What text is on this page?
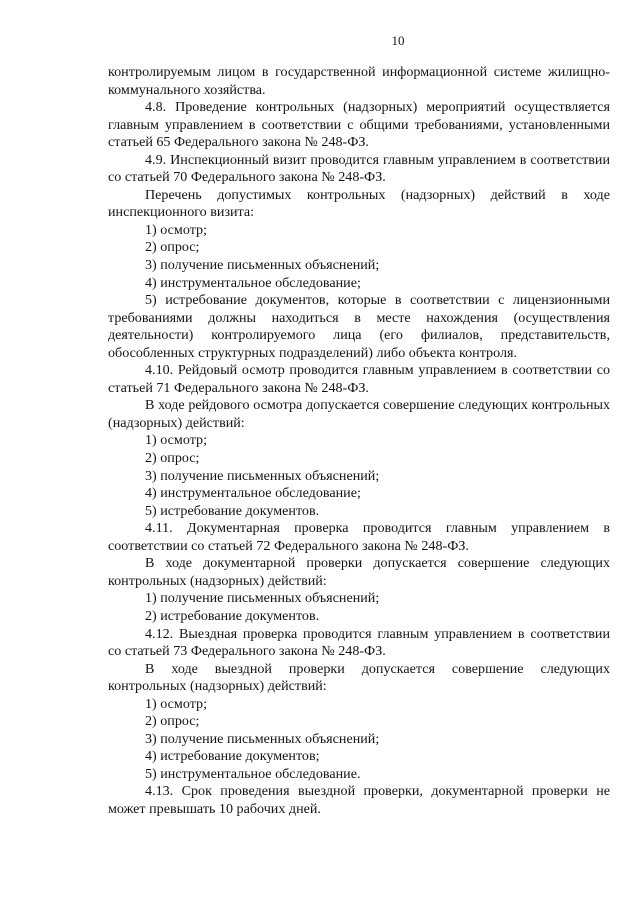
10

контролируемым лицом в государственной информационной системе жилищно-коммунального хозяйства.

4.8. Проведение контрольных (надзорных) мероприятий осуществляется главным управлением в соответствии с общими требованиями, установленными статьей 65 Федерального закона № 248-ФЗ.

4.9. Инспекционный визит проводится главным управлением в соответствии со статьей 70 Федерального закона № 248-ФЗ.

Перечень допустимых контрольных (надзорных) действий в ходе инспекционного визита:

1) осмотр;

2) опрос;

3) получение письменных объяснений;

4) инструментальное обследование;

5) истребование документов, которые в соответствии с лицензионными требованиями должны находиться в месте нахождения (осуществления деятельности) контролируемого лица (его филиалов, представительств, обособленных структурных подразделений) либо объекта контроля.

4.10. Рейдовый осмотр проводится главным управлением в соответствии со статьей 71 Федерального закона № 248-ФЗ.

В ходе рейдового осмотра допускается совершение следующих контрольных (надзорных) действий:

1) осмотр;

2) опрос;

3) получение письменных объяснений;

4) инструментальное обследование;

5) истребование документов.

4.11. Документарная проверка проводится главным управлением в соответствии со статьей 72 Федерального закона № 248-ФЗ.

В ходе документарной проверки допускается совершение следующих контрольных (надзорных) действий:

1) получение письменных объяснений;

2) истребование документов.

4.12. Выездная проверка проводится главным управлением в соответствии со статьей 73 Федерального закона № 248-ФЗ.

В ходе выездной проверки допускается совершение следующих контрольных (надзорных) действий:

1) осмотр;

2) опрос;

3) получение письменных объяснений;

4) истребование документов;

5) инструментальное обследование.

4.13. Срок проведения выездной проверки, документарной проверки не может превышать 10 рабочих дней.
